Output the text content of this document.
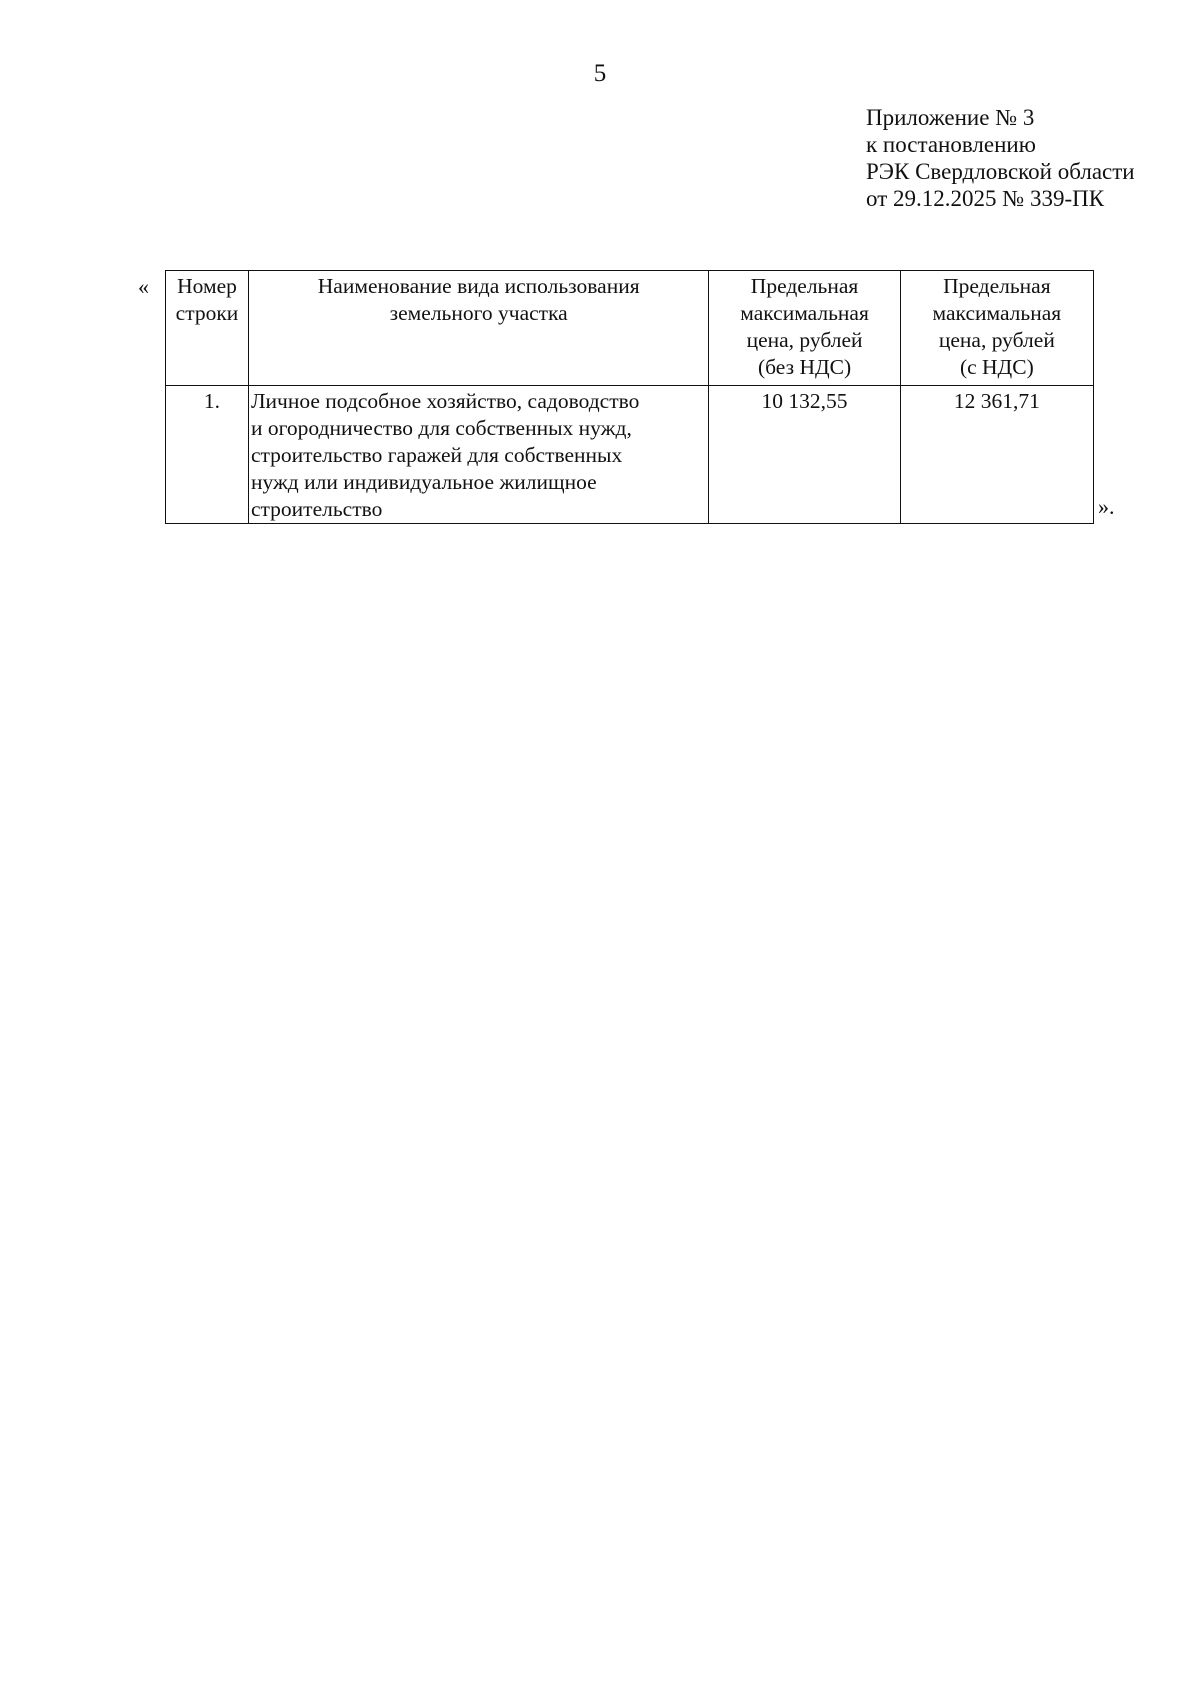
5
Приложение № 3
к постановлению
РЭК Свердловской области
от 29.12.2025 № 339-ПК
«	Номер
строки	Наименование вида использования
земельного участка	Предельная
максимальная
цена, рублей
(без НДС)	Предельная
максимальная
цена, рублей
(с НДС)

1.	Личное подсобное хозяйство, садоводство
и огородничество для собственных нужд,
строительство гаражей для собственных
нужд или индивидуальное жилищное
строительство	10 132,55	12 361,71
».
